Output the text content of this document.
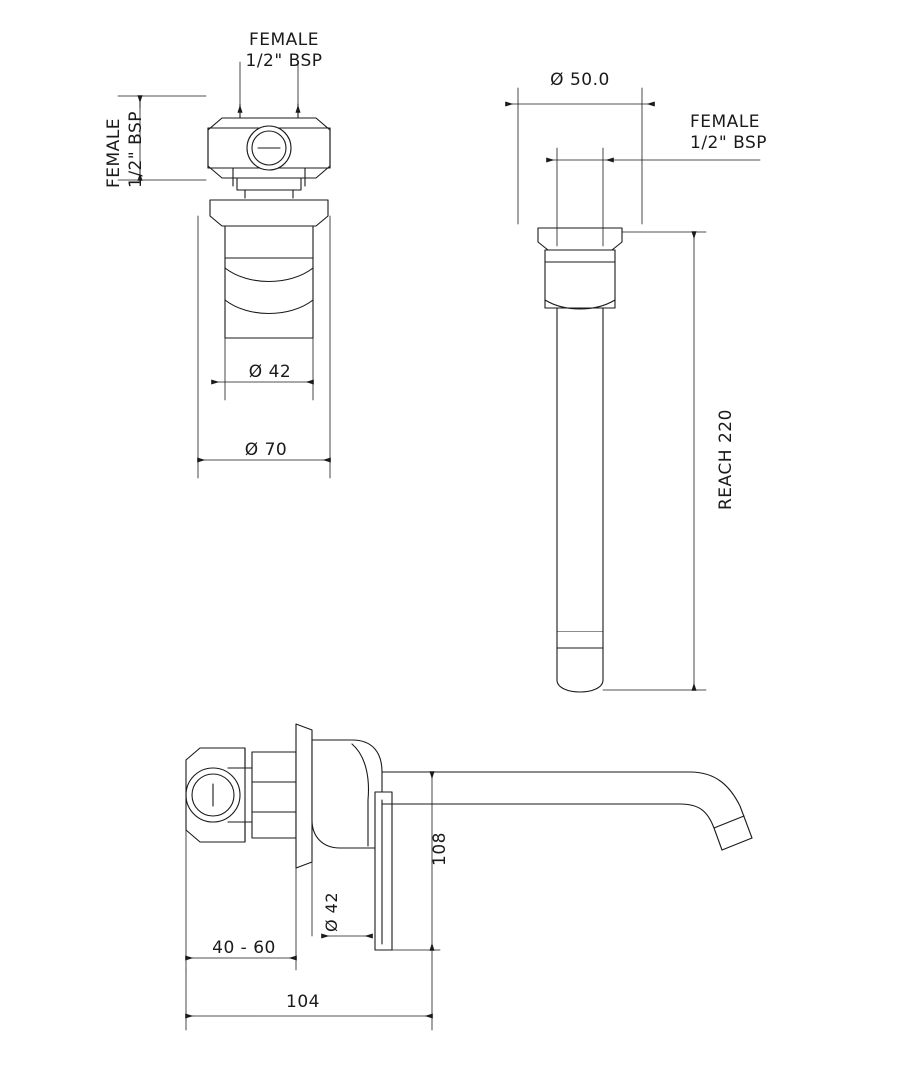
FEMALE
1/2" BSP
FEMALE 1/2" BSP
Ø 42
Ø 70
Ø 50.0
FEMALE
1/2" BSP
REACH 220
108
Ø 42
40 - 60
104
